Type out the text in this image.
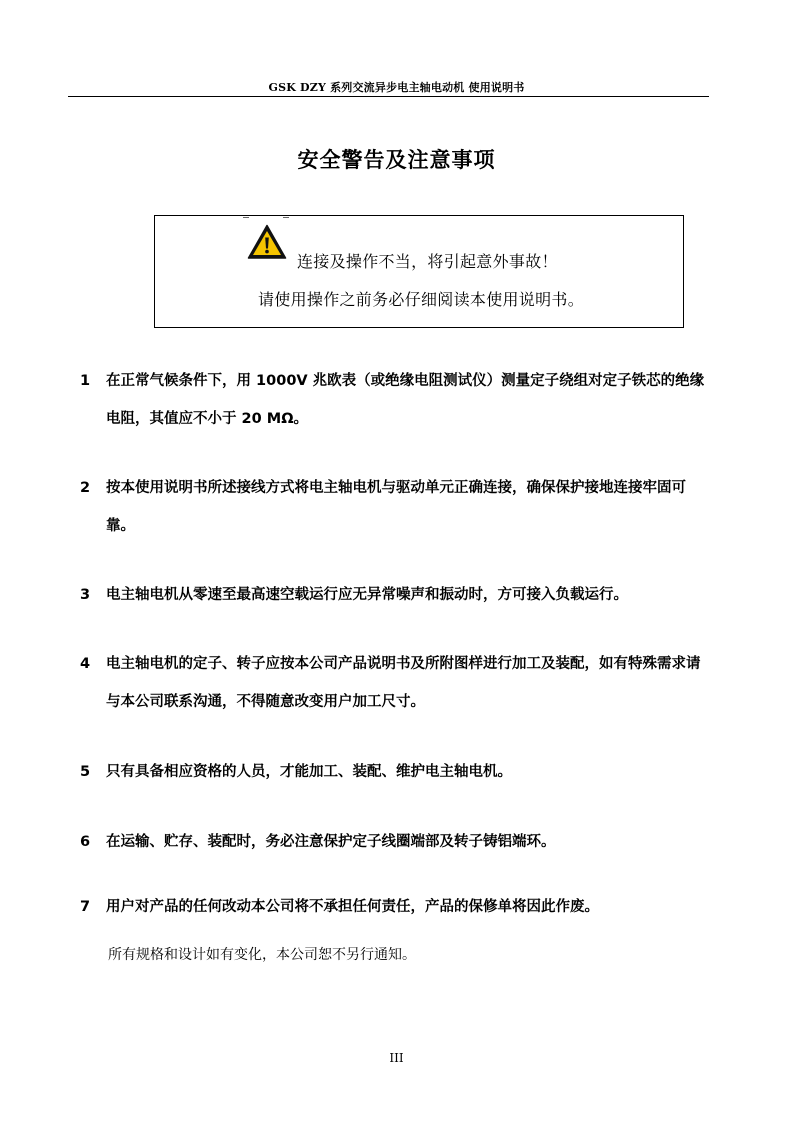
GSK DZY 系列交流异步电主轴电动机 使用说明书
安全警告及注意事项
连接及操作不当，将引起意外事故！
请使用操作之前务必仔细阅读本使用说明书。
1	在正常气候条件下，用 1000V 兆欧表（或绝缘电阻测试仪）测量定子绕组对定子铁芯的绝缘电阻，其值应不小于 20 MΩ。
2	按本使用说明书所述接线方式将电主轴电机与驱动单元正确连接，确保保护接地连接牢固可靠。
3	电主轴电机从零速至最高速空载运行应无异常噪声和振动时，方可接入负载运行。
4	电主轴电机的定子、转子应按本公司产品说明书及所附图样进行加工及装配，如有特殊需求请与本公司联系沟通，不得随意改变用户加工尺寸。
5	只有具备相应资格的人员，才能加工、装配、维护电主轴电机。
6	在运输、贮存、装配时，务必注意保护定子线圈端部及转子铸铝端环。
7	用户对产品的任何改动本公司将不承担任何责任，产品的保修单将因此作废。
所有规格和设计如有变化，本公司恕不另行通知。
III
